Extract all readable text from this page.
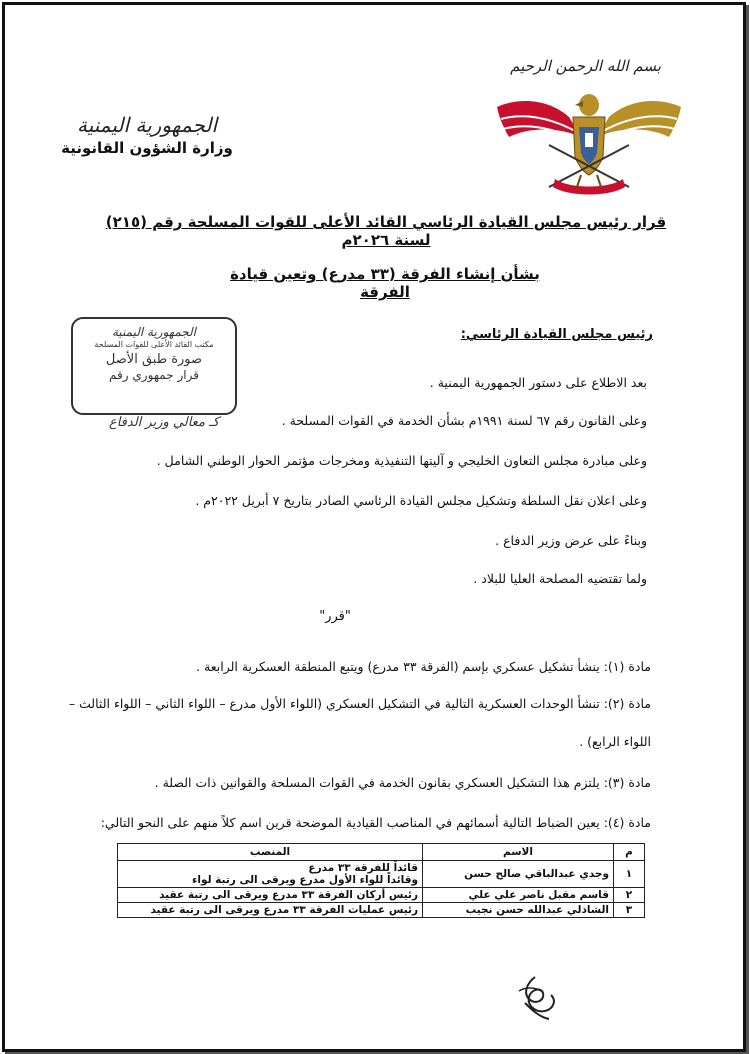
الجمهورية اليمنية
وزارة الشؤون القانونية
بسم الله الرحمن الرحيم
قرار رئيس مجلس القيادة الرئاسي القائد الأعلى للقوات المسلحة رقم (٢١٥) لسنة ٢٠٢٦م
بشأن إنشاء الفرقة (٣٣ مدرع) وتعين قيادة الفرقة
الجمهورية اليمنية
مكتب القائد الأعلى للقوات المسلحة
صورة طبق الأصل
قرار جمهوري رقم
كـ معالي وزير الدفاع
رئيس مجلس القيادة الرئاسي:
بعد الاطلاع على دستور الجمهورية اليمنية .
وعلى القانون رقم ٦٧ لسنة ١٩٩١م بشأن الخدمة في القوات المسلحة .
وعلى مبادرة مجلس التعاون الخليجي و آليتها التنفيذية ومخرجات مؤتمر الحوار الوطني الشامل .
وعلى اعلان نقل السلطة وتشكيل مجلس القيادة الرئاسي الصادر بتاريخ ٧ أبريل ٢٠٢٢م .
وبناءً على عرض وزير الدفاع .
ولما تقتضيه المصلحة العليا للبلاد .
"قرر"
مادة (١): ينشأ تشكيل عسكري بإسم (الفرقة ٣٣ مدرع) ويتبع المنطقة العسكرية الرابعة .
مادة (٢): تنشأ الوحدات العسكرية التالية في التشكيل العسكري (اللواء الأول مدرع – اللواء الثاني – اللواء الثالث – اللواء الرابع) .
مادة (٣): يلتزم هذا التشكيل العسكري بقانون الخدمة في القوات المسلحة والقوانين ذات الصلة .
مادة (٤): يعين الضباط التالية أسمائهم في المناصب القيادية الموضحة قرين اسم كلاً منهم على النحو التالي:
م	الاسم	المنصب
١	وجدي عبدالباقي صالح حسن	قائداً للفرقة ٣٣ مدرع
وقائداً للواء الأول مدرع ويرقى الى رتبة لواء
٢	قاسم مقبل ناصر علي علي	رئيس أركان الفرقة ٣٣ مدرع ويرقى الى رتبة عقيد
٣	الشاذلي عبدالله حسن نجيب	رئيس عمليات الفرقة ٣٣ مدرع ويرقى الى رتبة عقيد
